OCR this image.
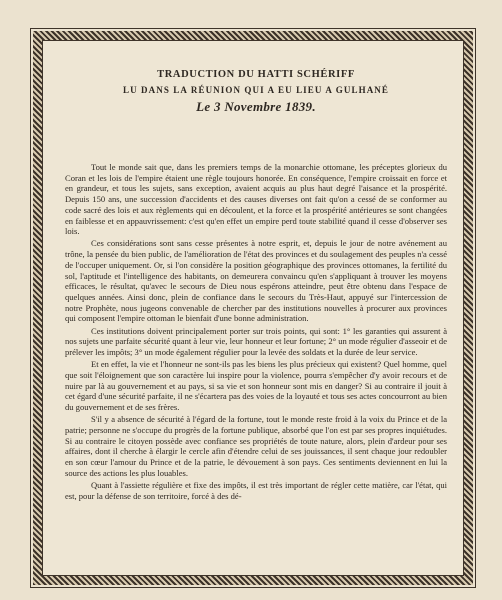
TRADUCTION DU HATTI SCHÉRIFF
LU DANS LA RÉUNION QUI A EU LIEU A GULHANÉ
Le 3 Novembre 1839.

Tout le monde sait que, dans les premiers temps de la monarchie ottomane, les préceptes glorieux du Coran et les lois de l'empire étaient une règle toujours honorée. En conséquence, l'empire croissait en force et en grandeur, et tous les sujets, sans exception, avaient acquis au plus haut degré l'aisance et la prospérité. Depuis 150 ans, une succession d'accidents et des causes diverses ont fait qu'on a cessé de se conformer au code sacré des lois et aux règlements qui en découlent, et la force et la prospérité antérieures se sont changées en faiblesse et en appauvrissement: c'est qu'en effet un empire perd toute stabilité quand il cesse d'observer ses lois.

Ces considérations sont sans cesse présentes à notre esprit, et, depuis le jour de notre avénement au trône, la pensée du bien public, de l'amélioration de l'état des provinces et du soulagement des peuples n'a cessé de l'occuper uniquement. Or, si l'on considère la position géographique des provinces ottomanes, la fertilité du sol, l'aptitude et l'intelligence des habitants, on demeurera convaincu qu'en s'appliquant à trouver les moyens efficaces, le résultat, qu'avec le secours de Dieu nous espérons atteindre, peut être obtenu dans l'espace de quelques années. Ainsi donc, plein de confiance dans le secours du Très-Haut, appuyé sur l'intercession de notre Prophète, nous jugeons convenable de chercher par des institutions nouvelles à procurer aux provinces qui composent l'empire ottoman le bienfait d'une bonne administration.

Ces institutions doivent principalement porter sur trois points, qui sont: 1° les garanties qui assurent à nos sujets une parfaite sécurité quant à leur vie, leur honneur et leur fortune; 2° un mode régulier d'asseoir et de prélever les impôts; 3° un mode également régulier pour la levée des soldats et la durée de leur service.

Et en effet, la vie et l'honneur ne sont-ils pas les biens les plus précieux qui existent? Quel homme, quel que soit l'éloignement que son caractère lui inspire pour la violence, pourra s'empêcher d'y avoir recours et de nuire par là au gouvernement et au pays, si sa vie et son honneur sont mis en danger? Si au contraire il jouit à cet égard d'une sécurité parfaite, il ne s'écartera pas des voies de la loyauté et tous ses actes concourront au bien du gouvernement et de ses frères.

S'il y a absence de sécurité à l'égard de la fortune, tout le monde reste froid à la voix du Prince et de la patrie; personne ne s'occupe du progrès de la fortune publique, absorbé que l'on est par ses propres inquiétudes. Si au contraire le citoyen possède avec confiance ses propriétés de toute nature, alors, plein d'ardeur pour ses affaires, dont il cherche à élargir le cercle afin d'étendre celui de ses jouissances, il sent chaque jour redoubler en son cœur l'amour du Prince et de la patrie, le dévouement à son pays. Ces sentiments deviennent en lui la source des actions les plus louables.

Quant à l'assiette régulière et fixe des impôts, il est très important de régler cette matière, car l'état, qui est, pour la défense de son territoire, forcé à des dé-
